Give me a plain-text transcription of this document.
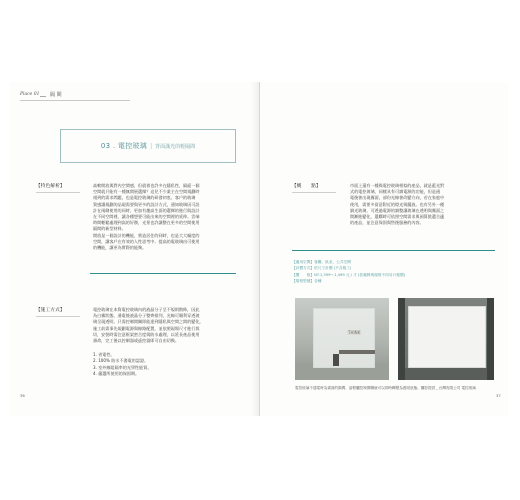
Place 01 隔 間
03 . 電控玻璃 | 背面滿光的輕隔間
【特色解析】	高軟開放與對內空間感，但就着也許多在隱私性，隔絕一個
空間就只能有一種無開展選擇？這兒不少業主在空間規劃時
週到的需求問題，也是電控玻璃的研發初衷。客戶的玻璃
質感讓規劃的品現需要與更多的設計方式，通知玻璃因可設
計在兩側使用的同時，更加有趣高生面的選擇的進行與設計
在不同空間裡，讓各種想要可能出來的空間裡的延伸。雲端
時間輕鬆處理到高的好辦，光景也許讓整在更多的空間使用
隔間的新型材料。
開放是一個設計的機能，營造居住的同時，也是大大幅度的
空間，讓客戶在有效的人性思考中。提高的電玻璃由可使用
的機能，讓更為實際的能夠。
【施工方式】	電控玻璃在本質電控玻璃內的液晶分子呈不規則散佈，因此
為白霧狀態，通電後液晶分子整齊排列，光線可順利穿透玻
璃呈現透明。只需控制開關即能達到隱私與空間之間的變化，
施工前需事先規劃電源與線路配置，並依照現場尺寸進行裁
切，安裝時需注意框架密合度與防水處理，以延長產品使用
壽命，完工後以控制器或遙控器即可自由切換。
1. 省電性。
2. 100% 防水不滲電的認證。
3. 室外線阻隔率的光學性能質。
4. 嚴選所使用的保固期。
【概　　點】	市面上還有一種與電控玻璃相似的產品，就是藍光對
式的電控玻璃，同樣具有可調電源的功能，但是通
電後會出現霧面，部份光線會改變方向，若在家庭中
使用，需要多留意附近的燈光與擺放。也有另外一種
調光玻璃，可透過電源的調整讓玻璃在透明與霧面之
間漸進變化，選購時可依照空間需求與預算挑選合適
的產品，並注意保固與售後服務的內容。
【適用空間】客廳、臥室、公共空間
【計價方式】依尺寸計價 (不含施工)
【價　　格】NT.1,399～1,499 元 / 才 (依廠牌與規格不同另行報價)
【規格型號】各種
THINK
電控玻璃不通電時為霧面的隔間，當輕觸控制開關就可以即時轉變為透明狀態。攝影提供＿台灣有限公司 電控玻璃
36	37
